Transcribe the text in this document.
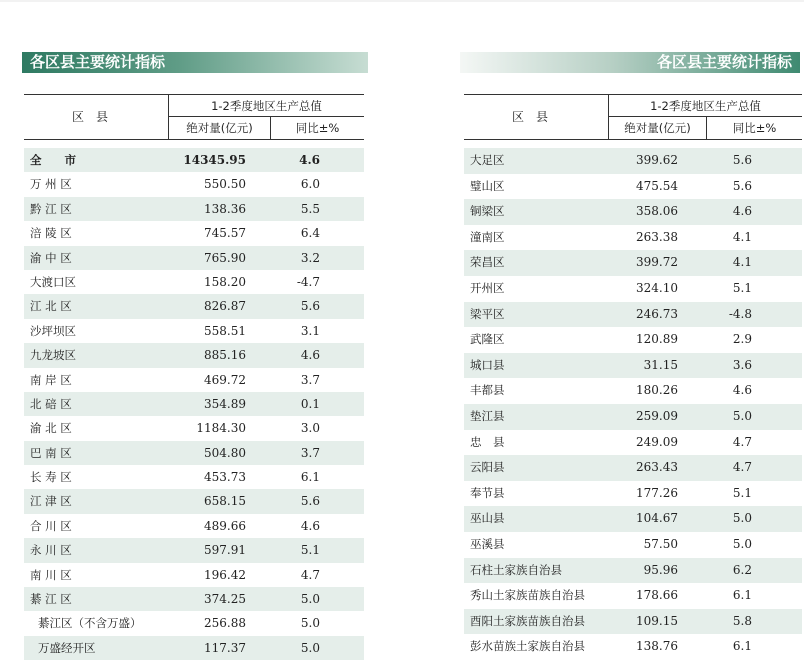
各区县主要统计指标	各区县主要统计指标
区县
1-2季度地区生产总值
绝对量(亿元)	同比±%
全　　市	14345.95	4.6
万 州 区	550.50	6.0
黔 江 区	138.36	5.5
涪 陵 区	745.57	6.4
渝 中 区	765.90	3.2
大渡口区	158.20	-4.7
江 北 区	826.87	5.6
沙坪坝区	558.51	3.1
九龙坡区	885.16	4.6
南 岸 区	469.72	3.7
北 碚 区	354.89	0.1
渝 北 区	1184.30	3.0
巴 南 区	504.80	3.7
长 寿 区	453.73	6.1
江 津 区	658.15	5.6
合 川 区	489.66	4.6
永 川 区	597.91	5.1
南 川 区	196.42	4.7
綦 江 区	374.25	5.0
綦江区（不含万盛）	256.88	5.0
万盛经开区	117.37	5.0
区县
1-2季度地区生产总值
绝对量(亿元)	同比±%
大足区	399.62	5.6
璧山区	475.54	5.6
铜梁区	358.06	4.6
潼南区	263.38	4.1
荣昌区	399.72	4.1
开州区	324.10	5.1
梁平区	246.73	-4.8
武隆区	120.89	2.9
城口县	31.15	3.6
丰都县	180.26	4.6
垫江县	259.09	5.0
忠　县	249.09	4.7
云阳县	263.43	4.7
奉节县	177.26	5.1
巫山县	104.67	5.0
巫溪县	57.50	5.0
石柱土家族自治县	95.96	6.2
秀山土家族苗族自治县	178.66	6.1
酉阳土家族苗族自治县	109.15	5.8
彭水苗族土家族自治县	138.76	6.1
